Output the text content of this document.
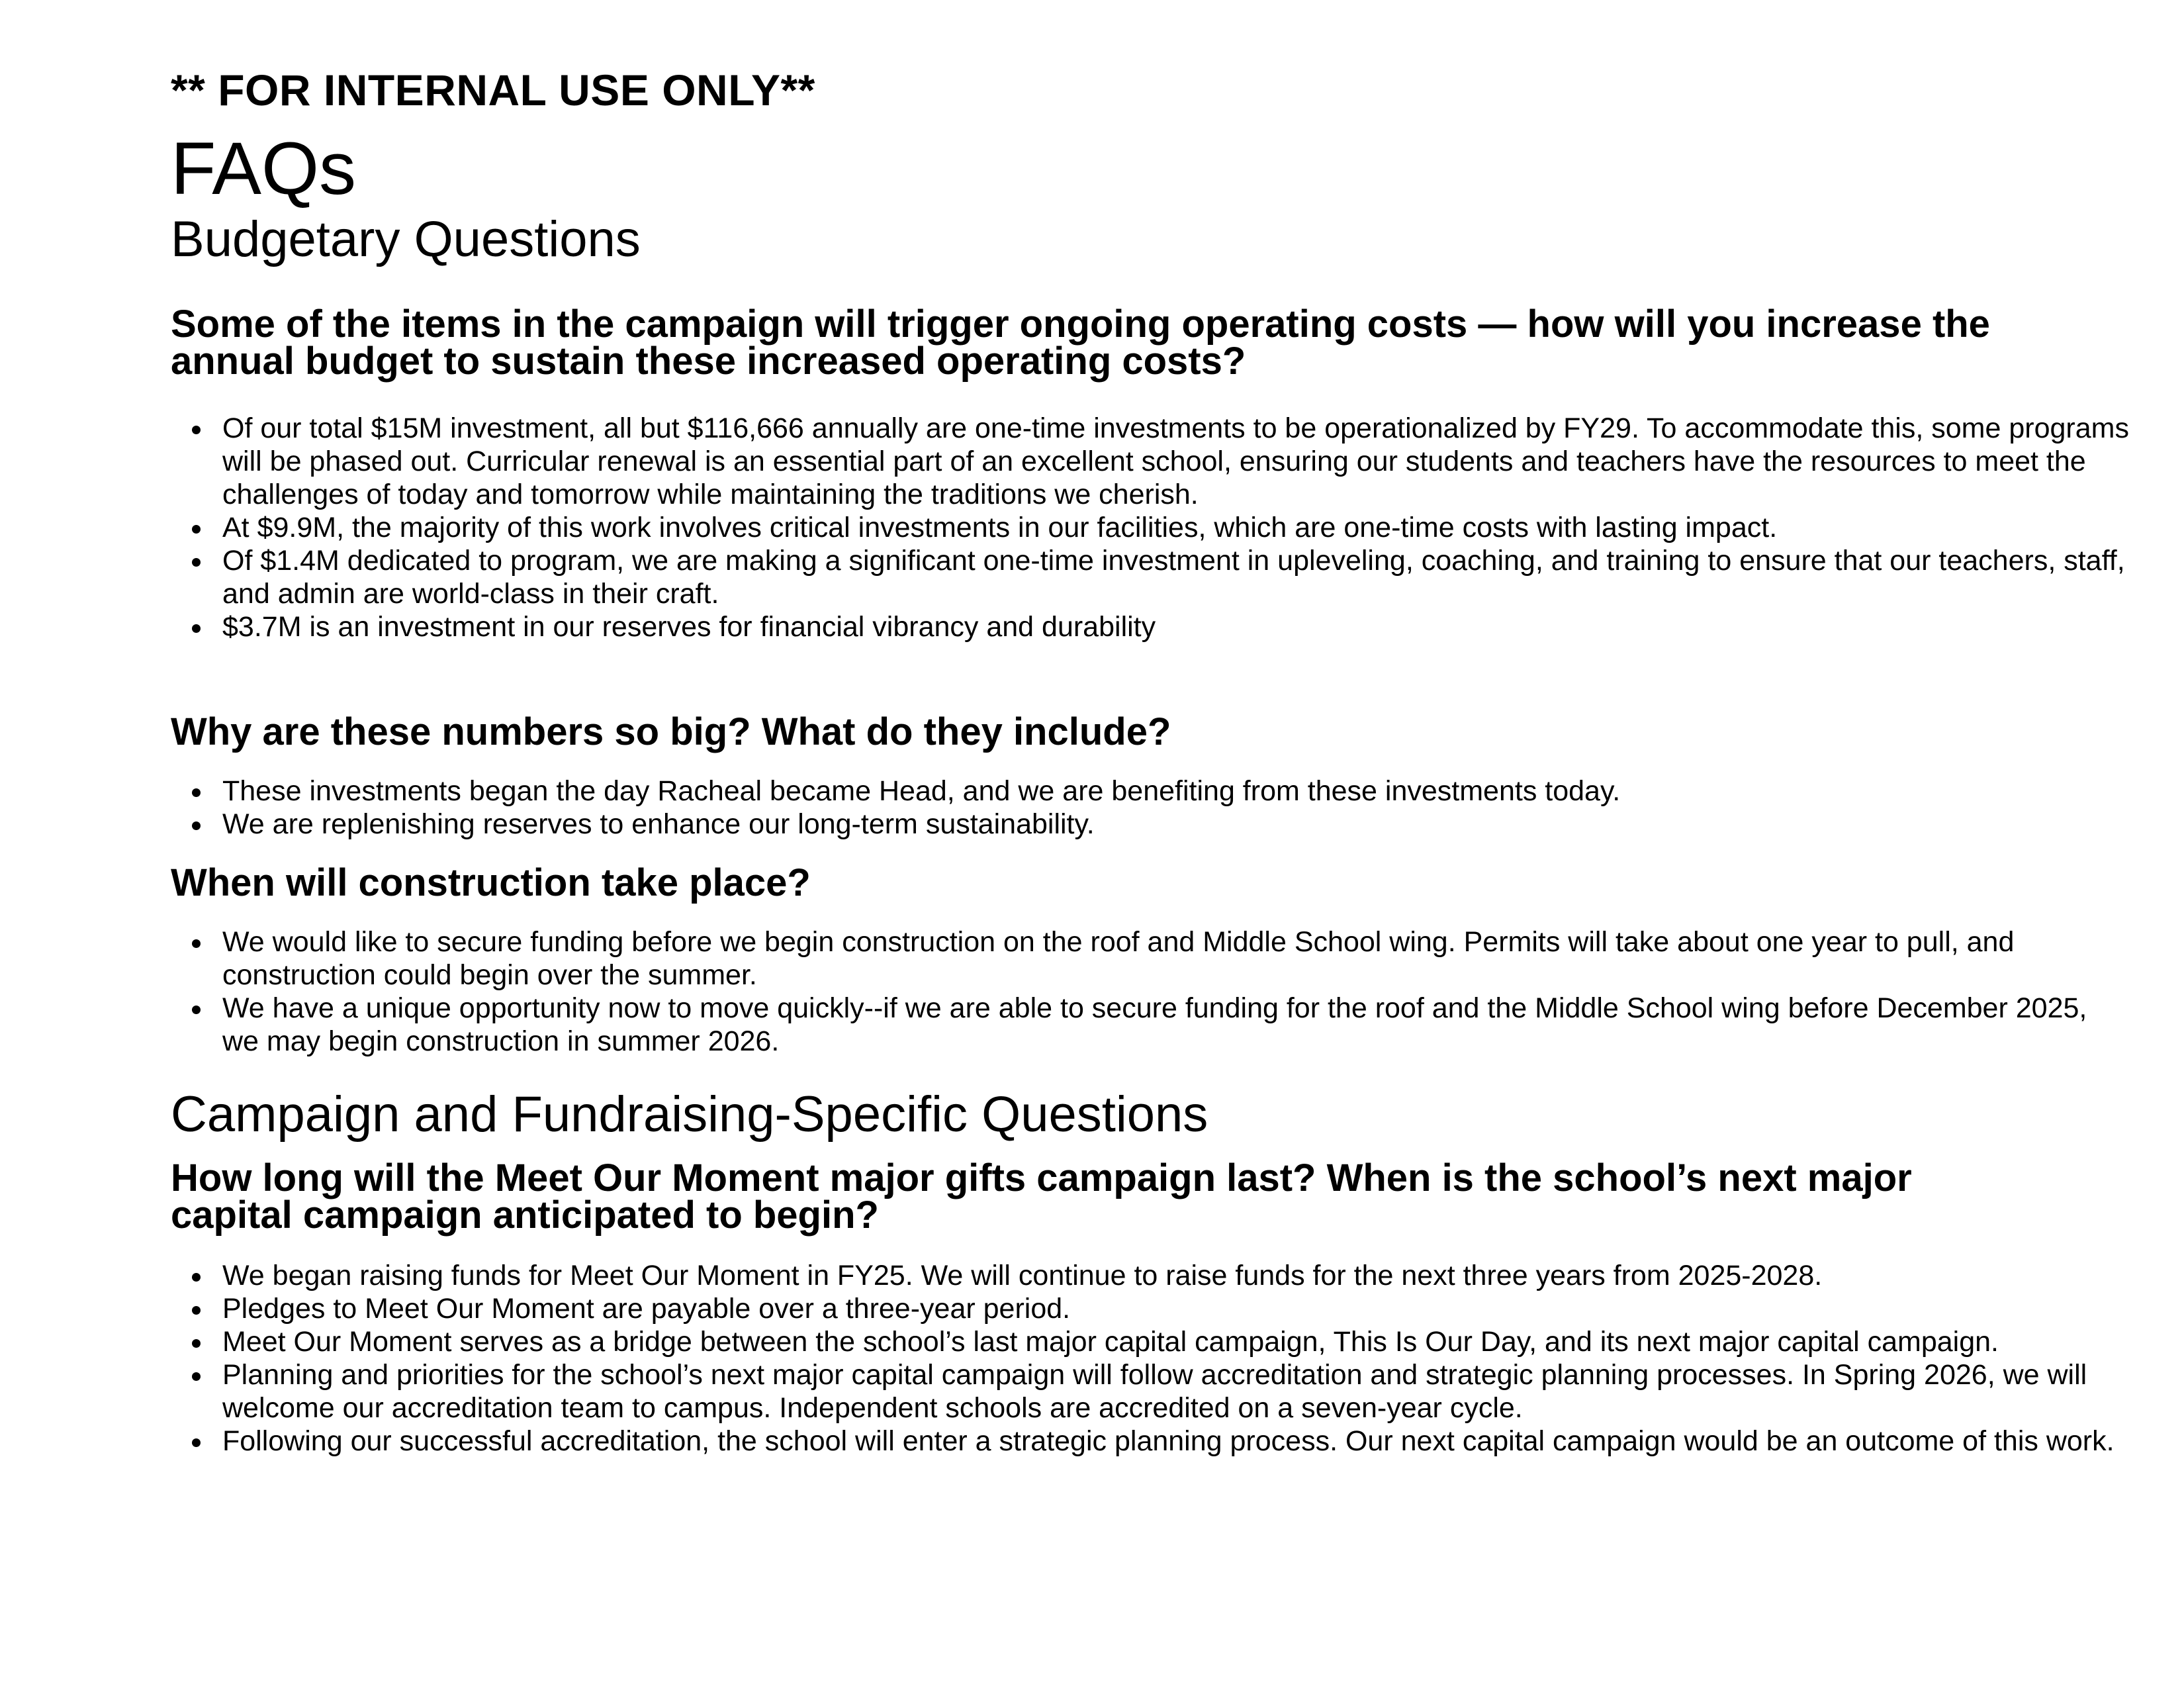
** FOR INTERNAL USE ONLY**
FAQs
Budgetary Questions
Some of the items in the campaign will trigger ongoing operating costs — how will you increase the annual budget to sustain these increased operating costs?
Of our total $15M investment, all but $116,666 annually are one-time investments to be operationalized by FY29. To accommodate this, some programs will be phased out. Curricular renewal is an essential part of an excellent school, ensuring our students and teachers have the resources to meet the challenges of today and tomorrow while maintaining the traditions we cherish.
At $9.9M, the majority of this work involves critical investments in our facilities, which are one-time costs with lasting impact.
Of $1.4M dedicated to program, we are making a significant one-time investment in upleveling, coaching, and training to ensure that our teachers, staff, and admin are world-class in their craft.
$3.7M is an investment in our reserves for financial vibrancy and durability
Why are these numbers so big? What do they include?
These investments began the day Racheal became Head, and we are benefiting from these investments today.
We are replenishing reserves to enhance our long-term sustainability.
When will construction take place?
We would like to secure funding before we begin construction on the roof and Middle School wing. Permits will take about one year to pull, and construction could begin over the summer.
We have a unique opportunity now to move quickly--if we are able to secure funding for the roof and the Middle School wing before December 2025, we may begin construction in summer 2026.
Campaign and Fundraising-Specific Questions
How long will the Meet Our Moment major gifts campaign last? When is the school’s next major capital campaign anticipated to begin?
We began raising funds for Meet Our Moment in FY25. We will continue to raise funds for the next three years from 2025-2028.
Pledges to Meet Our Moment are payable over a three-year period.
Meet Our Moment serves as a bridge between the school’s last major capital campaign, This Is Our Day, and its next major capital campaign.
Planning and priorities for the school’s next major capital campaign will follow accreditation and strategic planning processes. In Spring 2026, we will welcome our accreditation team to campus. Independent schools are accredited on a seven-year cycle.
Following our successful accreditation, the school will enter a strategic planning process. Our next capital campaign would be an outcome of this work.
